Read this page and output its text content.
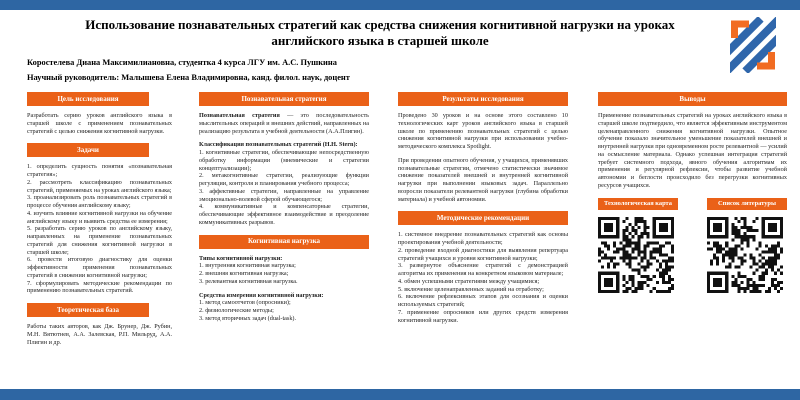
Использование познавательных стратегий как средства снижения когнитивной нагрузки на уроках английского языка в старшей школе

Коростелева Диана Максимилиановна, студентка 4 курса ЛГУ им. А.С. Пушкина

Научный руководитель: Малышева Елена Владимировна, канд. филол. наук, доцент

Цель исследования

Разработать серию уроков английского языка в старшей школе с применением познавательных стратегий с целью снижения когнитивной нагрузки.

Задачи

1. определить сущность понятия «познавательная стратегия»;

2. рассмотреть классификацию познавательных стратегий, применяемых на уроках английского языка;

3. проанализировать роль познавательных стратегий в процессе обучения английскому языку;

4. изучить влияние когнитивной нагрузки на обучение английскому языку и выявить средства ее измерения;

5. разработать серию уроков по английскому языку, направленных на применение познавательных стратегий для снижения когнитивной нагрузки в старшей школе;

6. провести итоговую диагностику для оценки эффективности применения познавательных стратегий в снижении когнитивной нагрузки;

7. сформулировать методические рекомендации по применению познавательных стратегий.

Теоретическая база

Работы таких авторов, как Дж. Брунер, Дж. Рубин, М.Н. Вятютнев, А.А. Залевская, Р.П. Мильруд, А.А. Плигин и др.

Познавательная стратегия

Познавательная стратегия — это последовательность мыслительных операций и внешних действий, направленных на реализацию результата в учебной деятельности (А.А.Плигин).

Классификация познавательных стратегий (H.H. Stern):

1. когнитивные стратегии, обеспечивающие непосредственную обработку информации (мнемические и стратегии концептуализации);

2. метакогнитивные стратегии, реализующие функции регуляции, контроля и планирования учебного процесса;

3. аффективные стратегии, направленные на управление эмоционально-волевой сферой обучающегося;

4. коммуникативные и компенсаторные стратегии, обеспечивающие эффективное взаимодействие и преодоление коммуникативных разрывов.

Когнитивная нагрузка

Типы когнитивной нагрузки:

1. внутренняя когнитивная нагрузка;

2. внешняя когнитивная нагрузка;

3. релевантная когнитивная нагрузка.

Средства измерения когнитивной нагрузки:

1. метод самоотчетов (опросники);

2. физиологические методы;

3. метод вторичных задач (dual-task).

Результаты исследования

Проведено 30 уроков и на основе этого составлено 10 технологических карт уроков английского языка в старшей школе по применению познавательных стратегий с целью снижения когнитивной нагрузки при использовании учебно-методического комплекса Spotlight.

При проведении опытного обучения, у учащихся, применявших познавательные стратегии, отмечено статистически значимое снижение показателей внешней и внутренней когнитивной нагрузки при выполнении языковых задач. Параллельно возросли показатели релевантной нагрузки (глубина обработки материала) и учебной автономии.

Методические рекомендации

1. системное внедрение познавательных стратегий как основы проектирования учебной деятельности;

2. проведение входной диагностики для выявления репертуара стратегий учащихся и уровня когнитивной нагрузки;

3. развернутое объяснение стратегий с демонстрацией алгоритма их применения на конкретном языковом материале;

4. обмен успешными стратегиями между учащимися;

5. включение целенаправленных заданий на отработку;

6. включение рефлексивных этапов для осознания и оценки используемых стратегий;

7. применение опросников или других средств измерения когнитивной нагрузки.

Выводы

Применение познавательных стратегий на уроках английского языка в старшей школе подтвердило, что является эффективным инструментом целенаправленного снижения когнитивной нагрузки. Опытное обучение показало значительное уменьшение показателей внешней и внутренней нагрузки при одновременном росте релевантной — усилий на осмысление материала. Однако успешная интеграция стратегий требует системного подхода, явного обучения алгоритмам их применения и регулярной рефлексии, чтобы развитие учебной автономии и беглости происходило без перегрузки когнитивных ресурсов учащихся.

Технологическая карта	Список литературы
